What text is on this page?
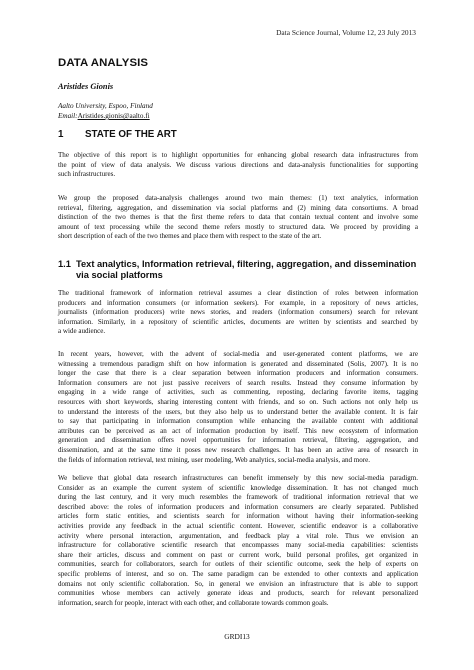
Data Science Journal, Volume 12, 23 July 2013
DATA ANALYSIS
Aristides Gionis
Aalto University, Espoo, Finland
Email:Aristides.gionis@aalto.fi
1 STATE OF THE ART
The objective of this report is to highlight opportunities for enhancing global research data infrastructures from
the point of view of data analysis. We discuss various directions and data-analysis functionalities for supporting
such infrastructures.
We group the proposed data-analysis challenges around two main themes: (1) text analytics, information
retrieval, filtering, aggregation, and dissemination via social platforms and (2) mining data consortiums. A broad
distinction of the two themes is that the first theme refers to data that contain textual content and involve some
amount of text processing while the second theme refers mostly to structured data. We proceed by providing a
short description of each of the two themes and place them with respect to the state of the art.
1.1 Text analytics, Information retrieval, filtering, aggregation, and dissemination via social platforms
The traditional framework of information retrieval assumes a clear distinction of roles between information
producers and information consumers (or information seekers). For example, in a repository of news articles,
journalists (information producers) write news stories, and readers (information consumers) search for relevant
information. Similarly, in a repository of scientific articles, documents are written by scientists and searched by
a wide audience.
In recent years, however, with the advent of social-media and user-generated content platforms, we are
witnessing a tremendous paradigm shift on how information is generated and disseminated (Solis, 2007). It is no
longer the case that there is a clear separation between information producers and information consumers.
Information consumers are not just passive receivers of search results. Instead they consume information by
engaging in a wide range of activities, such as commenting, reposting, declaring favorite items, tagging
resources with short keywords, sharing interesting content with friends, and so on. Such actions not only help us
to understand the interests of the users, but they also help us to understand better the available content. It is fair
to say that participating in information consumption while enhancing the available content with additional
attributes can be perceived as an act of information production by itself. This new ecosystem of information
generation and dissemination offers novel opportunities for information retrieval, filtering, aggregation, and
dissemination, and at the same time it poses new research challenges. It has been an active area of research in
the fields of information retrieval, text mining, user modeling, Web analytics, social-media analysis, and more.
We believe that global data research infrastructures can benefit immensely by this new social-media paradigm.
Consider as an example the current system of scientific knowledge dissemination. It has not changed much
during the last century, and it very much resembles the framework of traditional information retrieval that we
described above: the roles of information producers and information consumers are clearly separated. Published
articles form static entities, and scientists search for information without having their information-seeking
activities provide any feedback in the actual scientific content. However, scientific endeavor is a collaborative
activity where personal interaction, argumentation, and feedback play a vital role. Thus we envision an
infrastructure for collaborative scientific research that encompasses many social-media capabilities: scientists
share their articles, discuss and comment on past or current work, build personal profiles, get organized in
communities, search for collaborators, search for outlets of their scientific outcome, seek the help of experts on
specific problems of interest, and so on. The same paradigm can be extended to other contexts and application
domains not only scientific collaboration. So, in general we envision an infrastructure that is able to support
communities whose members can actively generate ideas and products, search for relevant personalized
information, search for people, interact with each other, and collaborate towards common goals.
GRDI13
